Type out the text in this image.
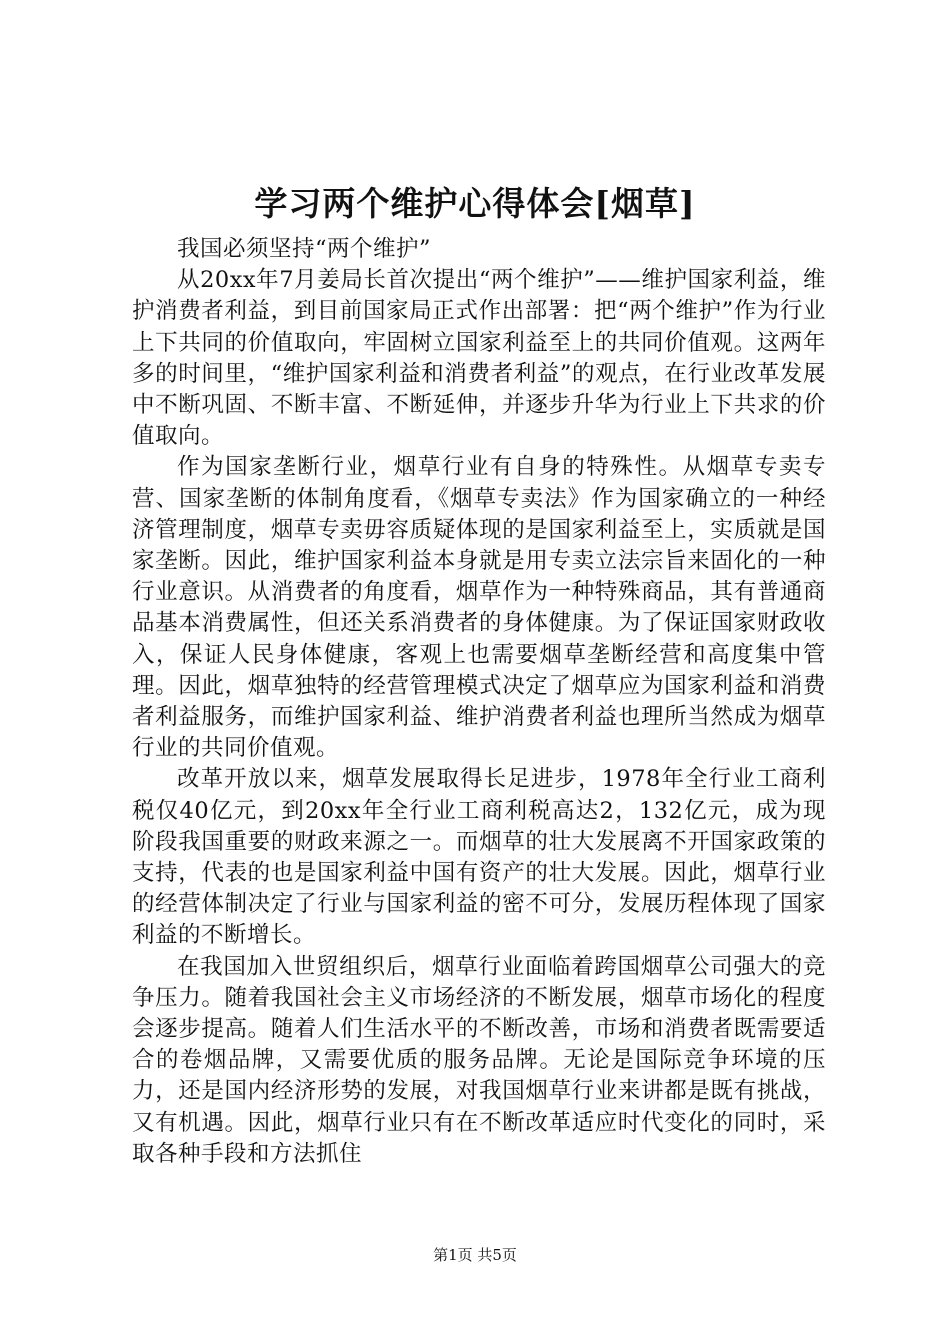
学习两个维护心得体会[烟草]

我国必须坚持“两个维护”

从20xx年7月姜局长首次提出“两个维护”——维护国家利益，维护消费者利益，到目前国家局正式作出部署：把“两个维护”作为行业上下共同的价值取向，牢固树立国家利益至上的共同价值观。这两年多的时间里，“维护国家利益和消费者利益”的观点，在行业改革发展中不断巩固、不断丰富、不断延伸，并逐步升华为行业上下共求的价值取向。

作为国家垄断行业，烟草行业有自身的特殊性。从烟草专卖专营、国家垄断的体制角度看，《烟草专卖法》作为国家确立的一种经济管理制度，烟草专卖毋容质疑体现的是国家利益至上，实质就是国家垄断。因此，维护国家利益本身就是用专卖立法宗旨来固化的一种行业意识。从消费者的角度看，烟草作为一种特殊商品，其有普通商品基本消费属性，但还关系消费者的身体健康。为了保证国家财政收入，保证人民身体健康，客观上也需要烟草垄断经营和高度集中管理。因此，烟草独特的经营管理模式决定了烟草应为国家利益和消费者利益服务，而维护国家利益、维护消费者利益也理所当然成为烟草行业的共同价值观。

改革开放以来，烟草发展取得长足进步，1978年全行业工商利税仅40亿元，到20xx年全行业工商利税高达2，132亿元，成为现阶段我国重要的财政来源之一。而烟草的壮大发展离不开国家政策的支持，代表的也是国家利益中国有资产的壮大发展。因此，烟草行业的经营体制决定了行业与国家利益的密不可分，发展历程体现了国家利益的不断增长。

在我国加入世贸组织后，烟草行业面临着跨国烟草公司强大的竞争压力。随着我国社会主义市场经济的不断发展，烟草市场化的程度会逐步提高。随着人们生活水平的不断改善，市场和消费者既需要适合的卷烟品牌，又需要优质的服务品牌。无论是国际竞争环境的压力，还是国内经济形势的发展，对我国烟草行业来讲都是既有挑战，又有机遇。因此，烟草行业只有在不断改革适应时代变化的同时，采取各种手段和方法抓住

第1页 共5页
